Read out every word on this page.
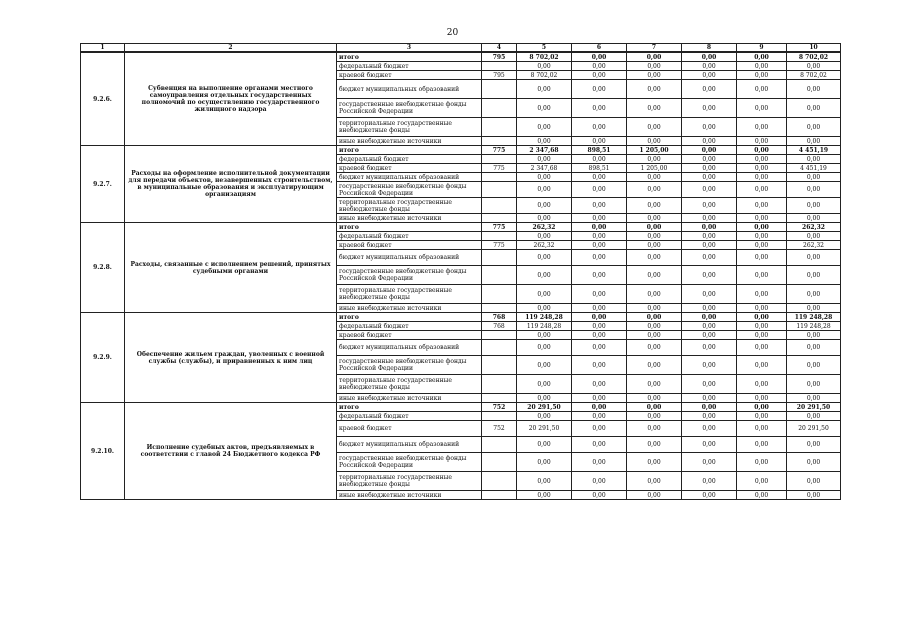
20
1	2	3	4	5	6	7	8	9	10
9.2.6.	Субвенция на выполнение органами местного самоуправления отдельных государственных полномочий по осуществлению государственного жилищного надзора	итого	795	8 702,02	0,00	0,00	0,00	0,00	8 702,02
		федеральный бюджет		0,00	0,00	0,00	0,00	0,00	0,00
		краевой бюджет	795	8 702,02	0,00	0,00	0,00	0,00	8 702,02
		бюджет муниципальных образований		0,00	0,00	0,00	0,00	0,00	0,00
		государственные внебюджетные фонды Российской Федерации		0,00	0,00	0,00	0,00	0,00	0,00
		территориальные государственные внебюджетные фонды		0,00	0,00	0,00	0,00	0,00	0,00
		иные внебюджетные источники		0,00	0,00	0,00	0,00	0,00	0,00
9.2.7.	Расходы на оформление исполнительной документации для передачи объектов, незавершенных строительством, в муниципальные образования и эксплуатирующим организациям	итого	775	2 347,68	898,51	1 205,00	0,00	0,00	4 451,19
		федеральный бюджет		0,00	0,00	0,00	0,00	0,00	0,00
		краевой бюджет	775	2 347,68	898,51	1 205,00	0,00	0,00	4 451,19
		бюджет муниципальных образований		0,00	0,00	0,00	0,00	0,00	0,00
		государственные внебюджетные фонды Российской Федерации		0,00	0,00	0,00	0,00	0,00	0,00
		территориальные государственные внебюджетные фонды		0,00	0,00	0,00	0,00	0,00	0,00
		иные внебюджетные источники		0,00	0,00	0,00	0,00	0,00	0,00
9.2.8.	Расходы, связанные с исполнением решений, принятых судебными органами	итого	775	262,32	0,00	0,00	0,00	0,00	262,32
		федеральный бюджет		0,00	0,00	0,00	0,00	0,00	0,00
		краевой бюджет	775	262,32	0,00	0,00	0,00	0,00	262,32
		бюджет муниципальных образований		0,00	0,00	0,00	0,00	0,00	0,00
		государственные внебюджетные фонды Российской Федерации		0,00	0,00	0,00	0,00	0,00	0,00
		территориальные государственные внебюджетные фонды		0,00	0,00	0,00	0,00	0,00	0,00
		иные внебюджетные источники		0,00	0,00	0,00	0,00	0,00	0,00
9.2.9.	Обеспечение жильем граждан, уволенных с военной службы (службы), и приравненных к ним лиц	итого	768	119 248,28	0,00	0,00	0,00	0,00	119 248,28
		федеральный бюджет	768	119 248,28	0,00	0,00	0,00	0,00	119 248,28
		краевой бюджет		0,00	0,00	0,00	0,00	0,00	0,00
		бюджет муниципальных образований		0,00	0,00	0,00	0,00	0,00	0,00
		государственные внебюджетные фонды Российской Федерации		0,00	0,00	0,00	0,00	0,00	0,00
		территориальные государственные внебюджетные фонды		0,00	0,00	0,00	0,00	0,00	0,00
		иные внебюджетные источники		0,00	0,00	0,00	0,00	0,00	0,00
9.2.10.	Исполнение судебных актов, предъявляемых в соответствии с главой 24 Бюджетного кодекса РФ	итого	752	20 291,50	0,00	0,00	0,00	0,00	20 291,50
		федеральный бюджет		0,00	0,00	0,00	0,00	0,00	0,00
		краевой бюджет	752	20 291,50	0,00	0,00	0,00	0,00	20 291,50
		бюджет муниципальных образований		0,00	0,00	0,00	0,00	0,00	0,00
		государственные внебюджетные фонды Российской Федерации		0,00	0,00	0,00	0,00	0,00	0,00
		территориальные государственные внебюджетные фонды		0,00	0,00	0,00	0,00	0,00	0,00
		иные внебюджетные источники		0,00	0,00	0,00	0,00	0,00	0,00
